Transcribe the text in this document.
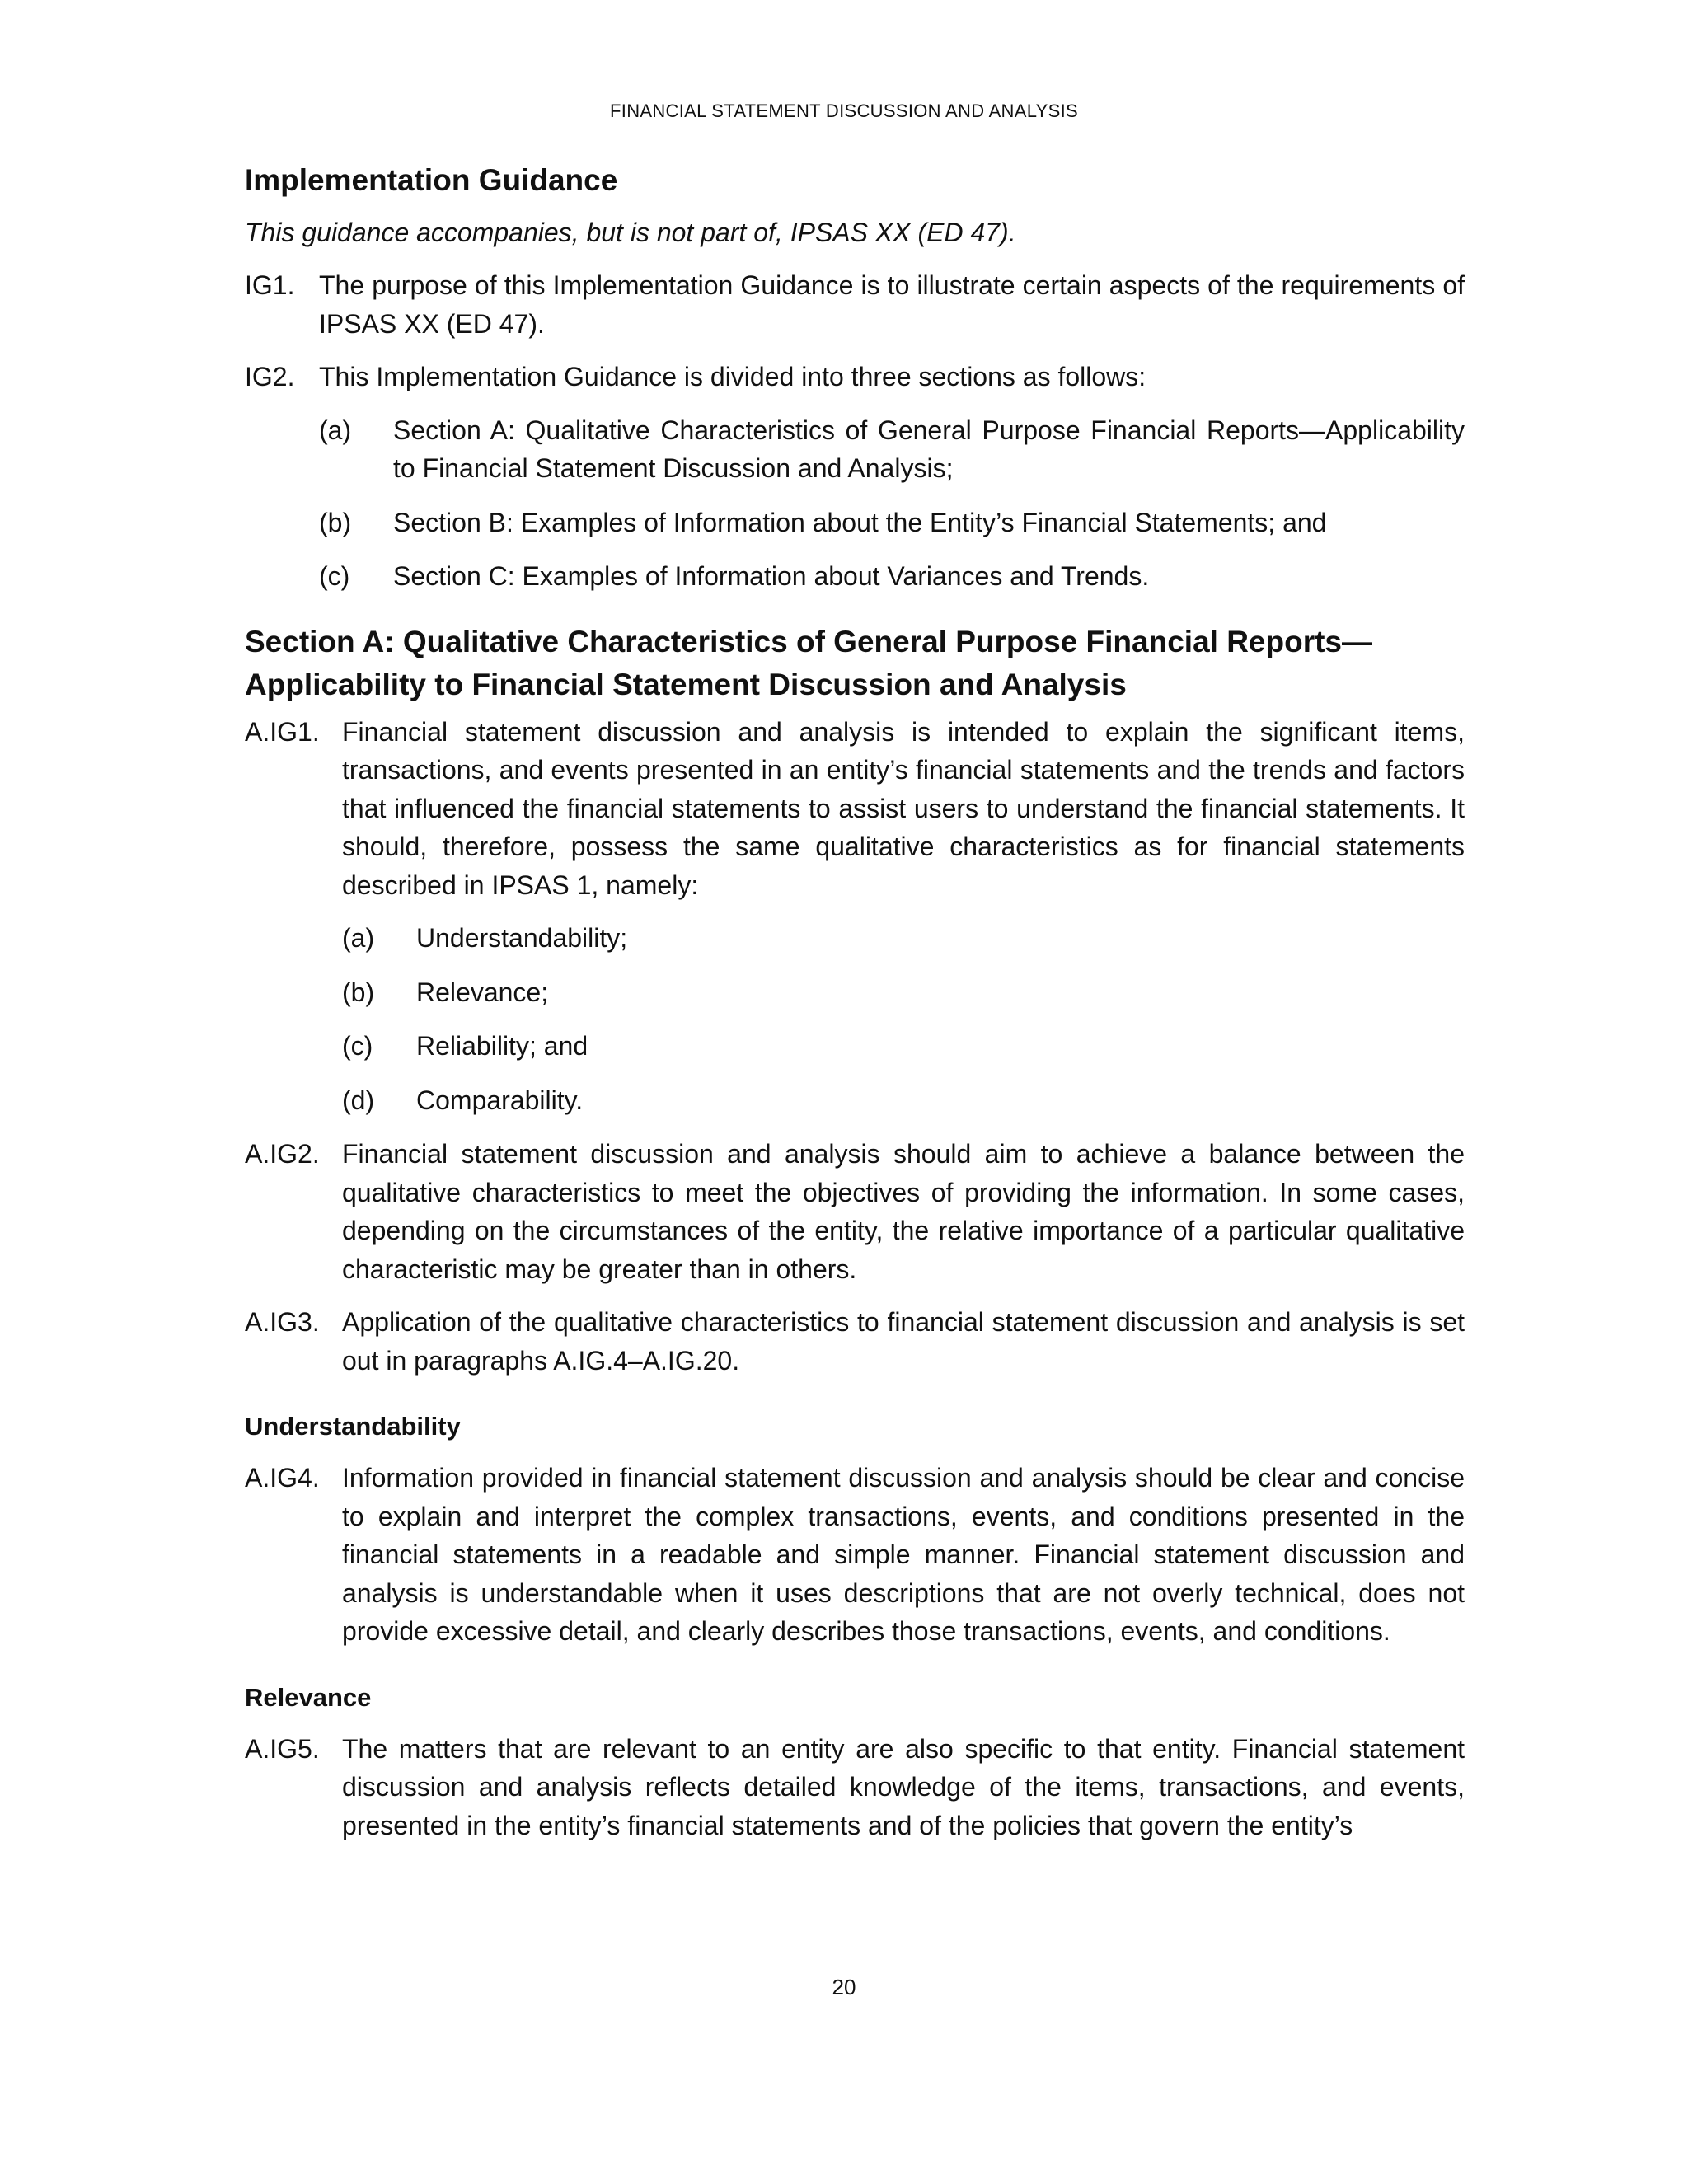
FINANCIAL STATEMENT DISCUSSION AND ANALYSIS
Implementation Guidance
This guidance accompanies, but is not part of, IPSAS XX (ED 47).
IG1. The purpose of this Implementation Guidance is to illustrate certain aspects of the requirements of IPSAS XX (ED 47).
IG2. This Implementation Guidance is divided into three sections as follows:
(a)	Section A: Qualitative Characteristics of General Purpose Financial Reports—Applicability to Financial Statement Discussion and Analysis;
(b)	Section B: Examples of Information about the Entity’s Financial Statements; and
(c)	Section C: Examples of Information about Variances and Trends.
Section A: Qualitative Characteristics of General Purpose Financial Reports—Applicability to Financial Statement Discussion and Analysis
A.IG1. Financial statement discussion and analysis is intended to explain the significant items, transactions, and events presented in an entity’s financial statements and the trends and factors that influenced the financial statements to assist users to understand the financial statements. It should, therefore, possess the same qualitative characteristics as for financial statements described in IPSAS 1, namely:
(a)	Understandability;
(b)	Relevance;
(c)	Reliability; and
(d)	Comparability.
A.IG2. Financial statement discussion and analysis should aim to achieve a balance between the qualitative characteristics to meet the objectives of providing the information. In some cases, depending on the circumstances of the entity, the relative importance of a particular qualitative characteristic may be greater than in others.
A.IG3. Application of the qualitative characteristics to financial statement discussion and analysis is set out in paragraphs A.IG.4–A.IG.20.
Understandability
A.IG4. Information provided in financial statement discussion and analysis should be clear and concise to explain and interpret the complex transactions, events, and conditions presented in the financial statements in a readable and simple manner. Financial statement discussion and analysis is understandable when it uses descriptions that are not overly technical, does not provide excessive detail, and clearly describes those transactions, events, and conditions.
Relevance
A.IG5. The matters that are relevant to an entity are also specific to that entity. Financial statement discussion and analysis reflects detailed knowledge of the items, transactions, and events, presented in the entity’s financial statements and of the policies that govern the entity’s
20
